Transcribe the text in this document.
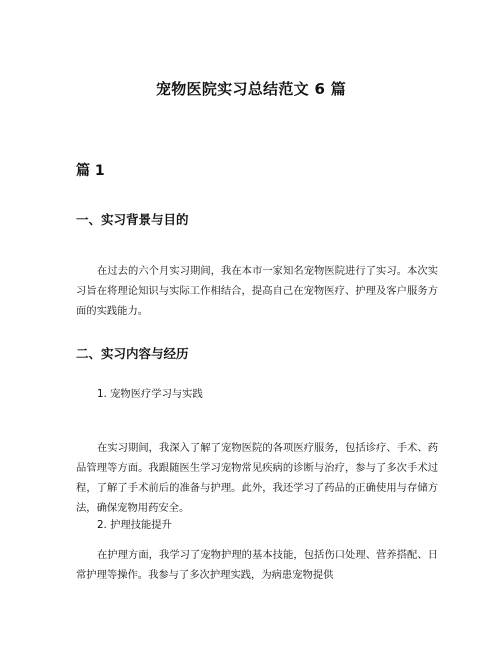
宠物医院实习总结范文 6 篇
篇 1
一、实习背景与目的

在过去的六个月实习期间，我在本市一家知名宠物医院进行了实习。本次实习旨在将理论知识与实际工作相结合，提高自己在宠物医疗、护理及客户服务方面的实践能力。

二、实习内容与经历
1. 宠物医疗学习与实践

在实习期间，我深入了解了宠物医院的各项医疗服务，包括诊疗、手术、药品管理等方面。我跟随医生学习宠物常见疾病的诊断与治疗，参与了多次手术过程，了解了手术前后的准备与护理。此外，我还学习了药品的正确使用与存储方法，确保宠物用药安全。

2. 护理技能提升

在护理方面，我学习了宠物护理的基本技能，包括伤口处理、营养搭配、日常护理等操作。我参与了多次护理实践，为病患宠物提供
